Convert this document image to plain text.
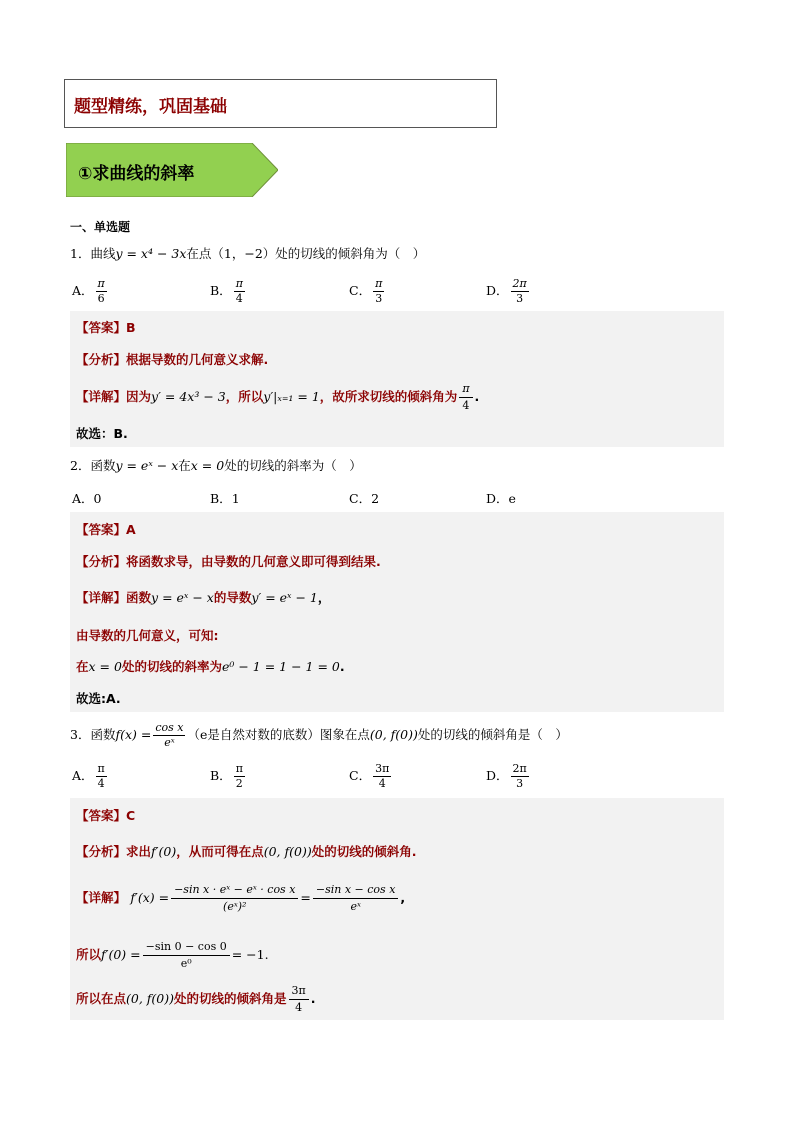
题型精练，巩固基础
①求曲线的斜率
一、单选题
1．曲线y = x⁴ − 3x在点（1，−2）处的切线的倾斜角为（　）
A． $\frac{\pi}{6}$	B． $\frac{\pi}{4}$	C． $\frac{\pi}{3}$	D． $\frac{2\pi}{3}$
【答案】B
【分析】根据导数的几何意义求解.
【详解】因为y′ = 4x³ − 3，所以y′|ₓ₌₁ = 1，故所求切线的倾斜角为 $\frac{\pi}{4}$ .
故选：B.
2．函数y = eˣ − x在x = 0处的切线的斜率为（　）
A．0	B．1	C．2	D．e
【答案】A
【分析】将函数求导，由导数的几何意义即可得到结果.
【详解】函数y = eˣ − x的导数y′ = eˣ − 1，
由导数的几何意义，可知:
在x = 0处的切线的斜率为e⁰ − 1 = 1 − 1 = 0.
故选:A.
3．函数$f(x) = \frac{\text{cos x}}{\text{eˣ}} (e$是自然对数的底数）图象在点(0, f(0))处的切线的倾斜角是（　）
A． $\frac{\pi}{4}$	B． $\frac{\pi}{2}$	C． $\frac{3\pi}{4}$	D． $\frac{2\pi}{3}$
【答案】C
【分析】求出f′(0)，从而可得在点(0, f(0))处的切线的倾斜角.
【详解】 $f'(x) = \frac{\text{−sin x · eˣ − eˣ · cos x}}{\text{(eˣ)²}} = \frac{\text{−sin x − cos x}}{\text{eˣ}}$ ,
所以$f'(0) = \frac{-\sin 0 - \cos 0}{\text{e⁰}} = -1$.
所以在点(0, f(0))处的切线的倾斜角是 $\frac{3\pi}{4}$ .
